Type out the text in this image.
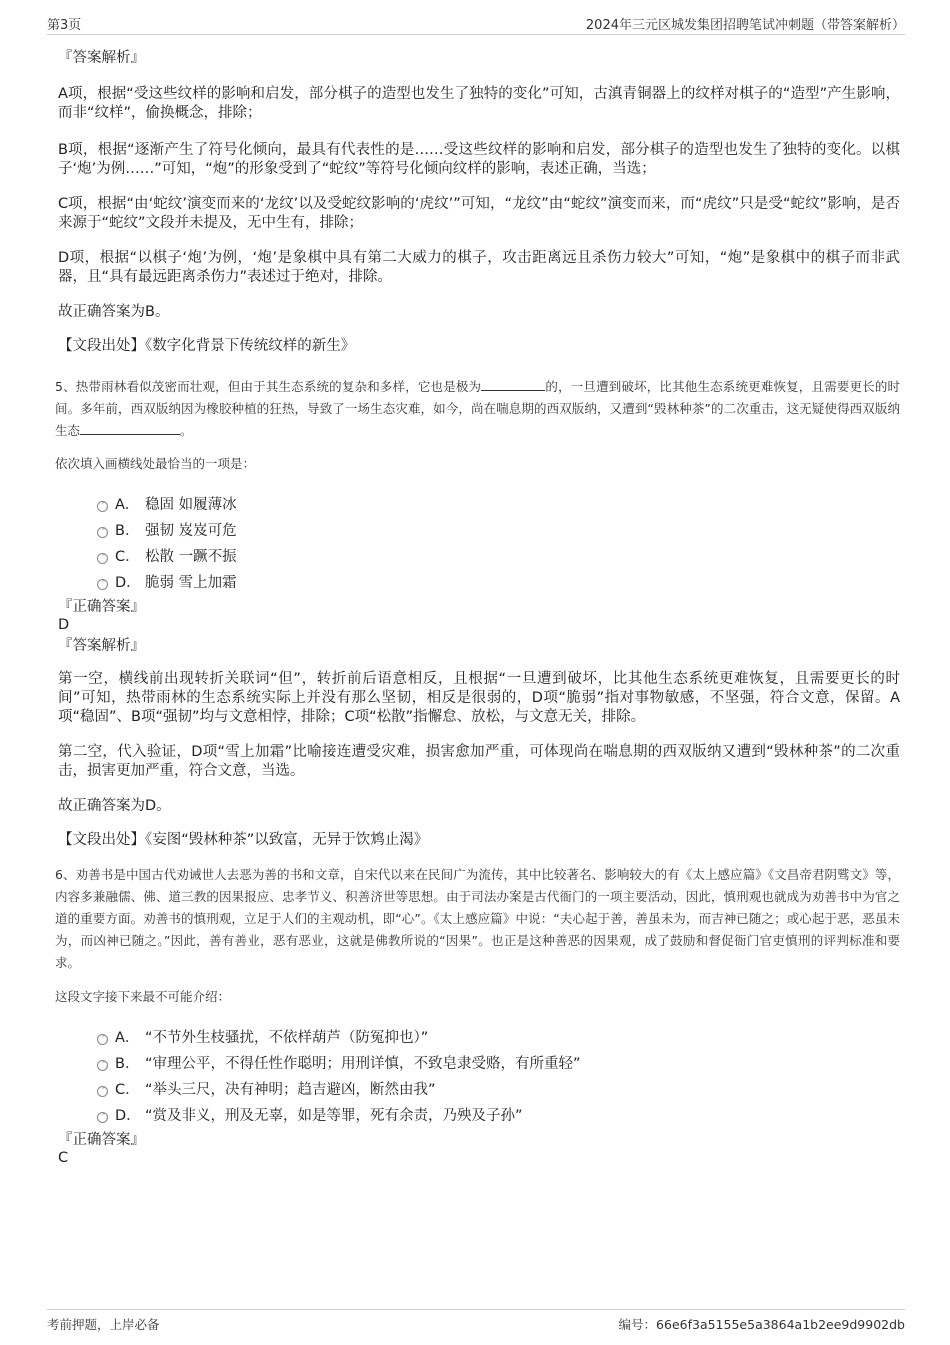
第3页	2024年三元区城发集团招聘笔试冲刺题（带答案解析）

『答案解析』

A项，根据“受这些纹样的影响和启发，部分棋子的造型也发生了独特的变化”可知，古滇青铜器上的纹样对棋子的“造型”产生影响，而非“纹样”，偷换概念，排除；

B项，根据“逐渐产生了符号化倾向，最具有代表性的是……受这些纹样的影响和启发，部分棋子的造型也发生了独特的变化。以棋子‘炮’为例……”可知，“炮”的形象受到了“蛇纹”等符号化倾向纹样的影响，表述正确，当选；

C项，根据“由‘蛇纹’演变而来的‘龙纹’以及受蛇纹影响的‘虎纹’”可知，“龙纹”由“蛇纹”演变而来，而“虎纹”只是受“蛇纹”影响，是否来源于“蛇纹”文段并未提及，无中生有，排除；

D项，根据“以棋子‘炮’为例，‘炮’是象棋中具有第二大威力的棋子，攻击距离远且杀伤力较大”可知，“炮”是象棋中的棋子而非武器，且“具有最远距离杀伤力”表述过于绝对，排除。

故正确答案为B。

【文段出处】《数字化背景下传统纹样的新生》

5、热带雨林看似茂密而壮观，但由于其生态系统的复杂和多样，它也是极为	的，一旦遭到破坏，比其他生态系统更难恢复，且需要更长的时间。多年前，西双版纳因为橡胶种植的狂热，导致了一场生态灾难，如今，尚在喘息期的西双版纳，又遭到“毁林种茶”的二次重击，这无疑使得西双版纳生态	。

依次填入画横线处最恰当的一项是：

A． 稳固 如履薄冰
B． 强韧 岌岌可危
C． 松散 一蹶不振
D． 脆弱 雪上加霜

『正确答案』

D

『答案解析』

第一空，横线前出现转折关联词“但”，转折前后语意相反，且根据“一旦遭到破坏，比其他生态系统更难恢复，且需要更长的时间”可知，热带雨林的生态系统实际上并没有那么坚韧，相反是很弱的，D项“脆弱”指对事物敏感，不坚强，符合文意，保留。A项“稳固”、B项“强韧”均与文意相悖，排除；C项“松散”指懈怠、放松，与文意无关，排除。

第二空，代入验证，D项“雪上加霜”比喻接连遭受灾难，损害愈加严重，可体现尚在喘息期的西双版纳又遭到“毁林种茶”的二次重击，损害更加严重，符合文意，当选。

故正确答案为D。

【文段出处】《妄图“毁林种茶”以致富，无异于饮鸩止渴》

6、劝善书是中国古代劝诫世人去恶为善的书和文章，自宋代以来在民间广为流传，其中比较著名、影响较大的有《太上感应篇》《文昌帝君阴骘文》等，内容多兼融儒、佛、道三教的因果报应、忠孝节义、积善济世等思想。由于司法办案是古代衙门的一项主要活动，因此，慎刑观也就成为劝善书中为官之道的重要方面。劝善书的慎刑观，立足于人们的主观动机，即“心”。《太上感应篇》中说：“夫心起于善，善虽未为，而吉神已随之；或心起于恶，恶虽未为，而凶神已随之。”因此，善有善业，恶有恶业，这就是佛教所说的“因果”。也正是这种善恶的因果观，成了鼓励和督促衙门官吏慎刑的评判标准和要求。

这段文字接下来最不可能介绍：

A． “不节外生枝骚扰，不依样葫芦（防冤抑也）”
B． “审理公平，不得任性作聪明；用刑详慎，不致皂隶受赂，有所重轻”
C． “举头三尺，决有神明；趋吉避凶，断然由我”
D． “赏及非义，刑及无辜，如是等罪，死有余责，乃殃及子孙”

『正确答案』

C

考前押题，上岸必备	编号：66e6f3a5155e5a3864a1b2ee9d9902db
